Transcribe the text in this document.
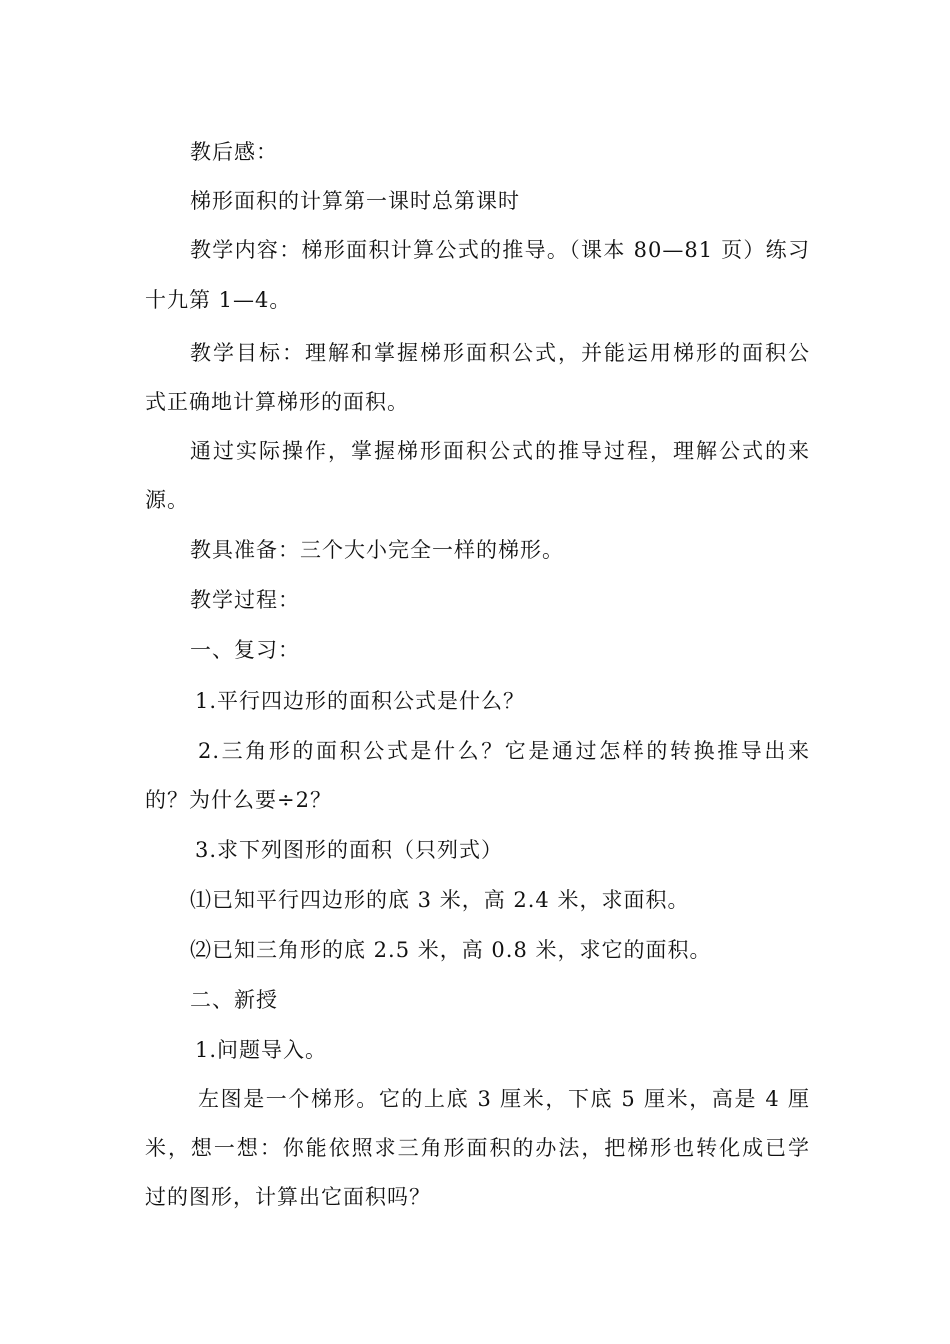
教后感：
梯形面积的计算第一课时总第课时
教学内容：梯形面积计算公式的推导。（课本 80—81 页）练习
十九第 1—4。
教学目标：理解和掌握梯形面积公式，并能运用梯形的面积公
式正确地计算梯形的面积。
通过实际操作，掌握梯形面积公式的推导过程，理解公式的来
源。
教具准备：三个大小完全一样的梯形。
教学过程：
一、复习：
1.平行四边形的面积公式是什么？
2.三角形的面积公式是什么？它是通过怎样的转换推导出来
的？为什么要÷2？
3.求下列图形的面积（只列式）
⑴已知平行四边形的底 3 米，高 2.4 米，求面积。
⑵已知三角形的底 2.5 米，高 0.8 米，求它的面积。
二、新授
1.问题导入。
左图是一个梯形。它的上底 3 厘米，下底 5 厘米，高是 4 厘
米，想一想：你能依照求三角形面积的办法，把梯形也转化成已学
过的图形，计算出它面积吗？
